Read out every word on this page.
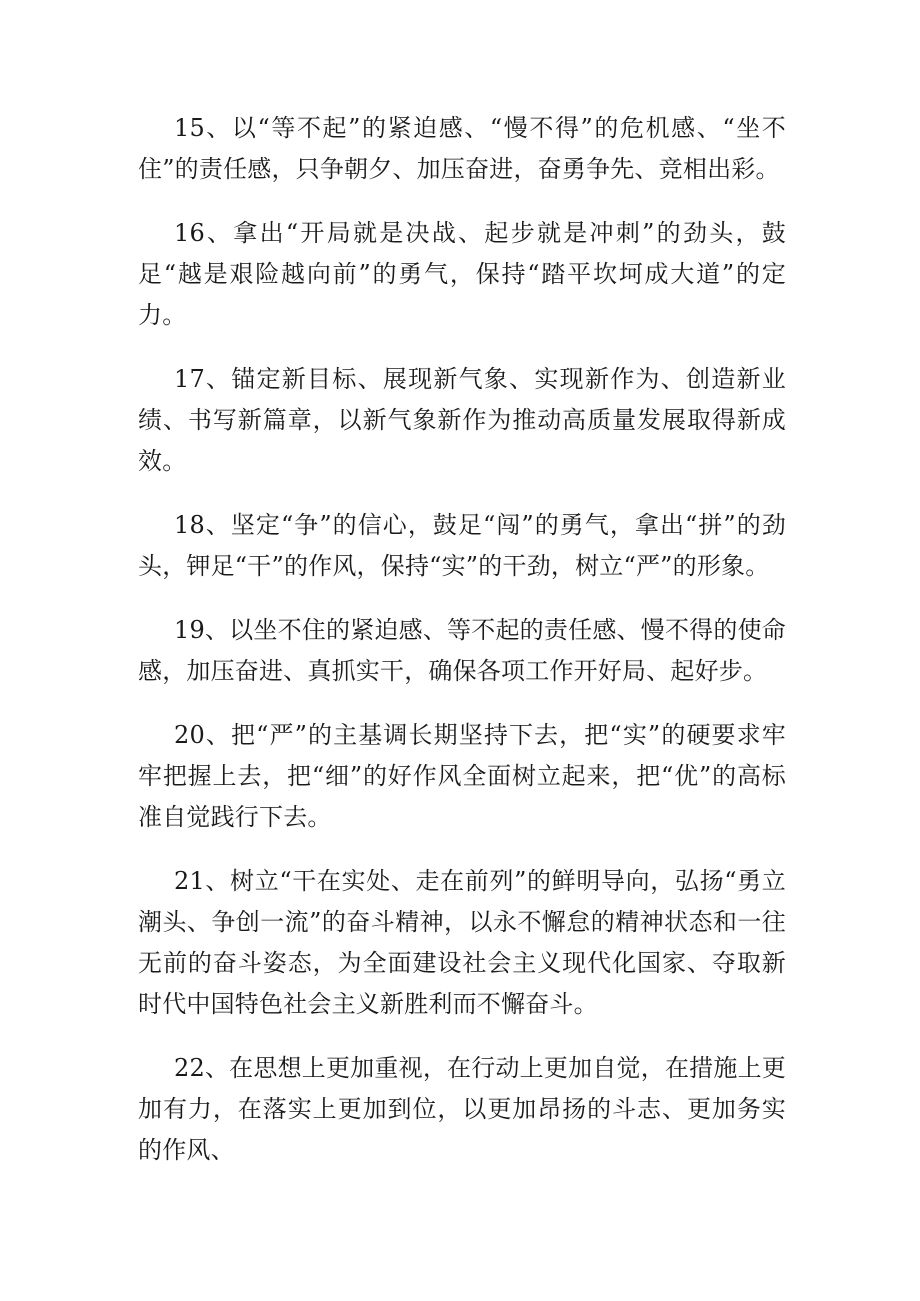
15、以“等不起”的紧迫感、“慢不得”的危机感、“坐不住”的责任感，只争朝夕、加压奋进，奋勇争先、竞相出彩。

16、拿出“开局就是决战、起步就是冲刺”的劲头，鼓足“越是艰险越向前”的勇气，保持“踏平坎坷成大道”的定力。

17、锚定新目标、展现新气象、实现新作为、创造新业绩、书写新篇章，以新气象新作为推动高质量发展取得新成效。

18、坚定“争”的信心，鼓足“闯”的勇气，拿出“拼”的劲头，钾足“干”的作风，保持“实”的干劲，树立“严”的形象。

19、以坐不住的紧迫感、等不起的责任感、慢不得的使命感，加压奋进、真抓实干，确保各项工作开好局、起好步。

20、把“严”的主基调长期坚持下去，把“实”的硬要求牢牢把握上去，把“细”的好作风全面树立起来，把“优”的高标准自觉践行下去。

21、树立“干在实处、走在前列”的鲜明导向，弘扬“勇立潮头、争创一流”的奋斗精神，以永不懈怠的精神状态和一往无前的奋斗姿态，为全面建设社会主义现代化国家、夺取新时代中国特色社会主义新胜利而不懈奋斗。

22、在思想上更加重视，在行动上更加自觉，在措施上更加有力，在落实上更加到位，以更加昂扬的斗志、更加务实的作风、
